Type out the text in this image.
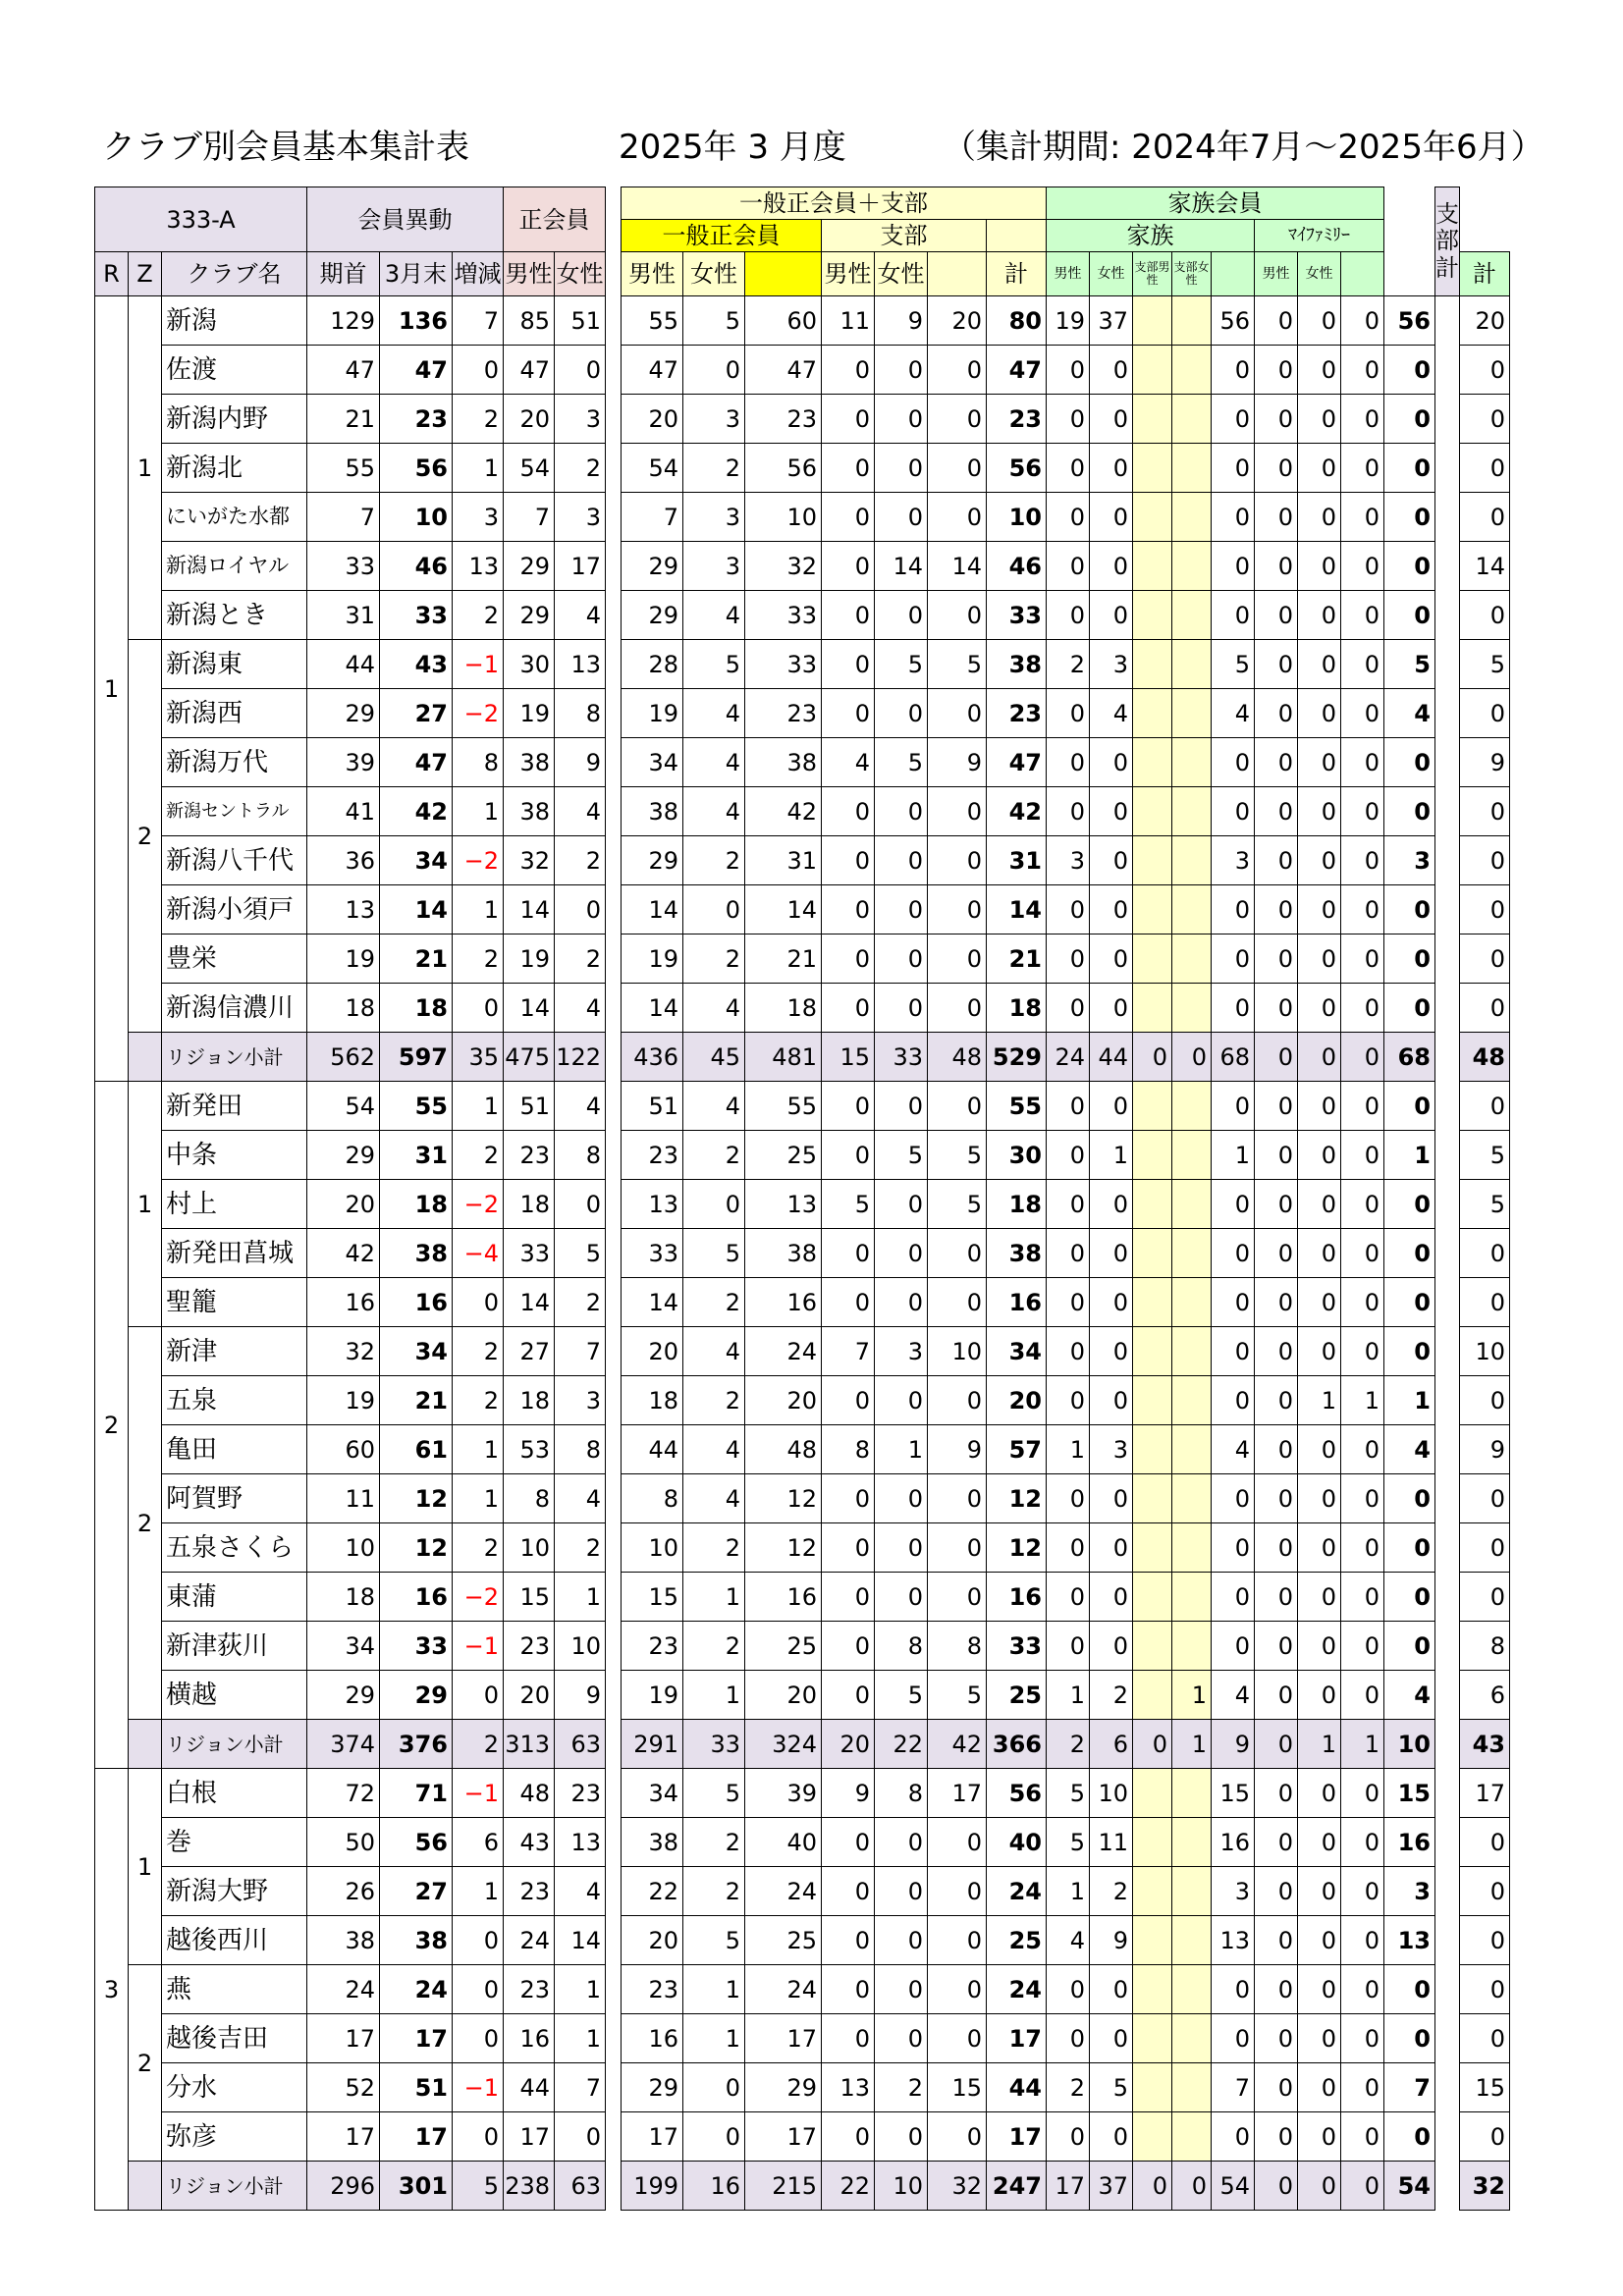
クラブ別会員基本集計表	2025年 3 月度	（集計期間: 2024年7月～2025年6月）
333-A			会員異動			正会員			一般正会員＋支部							家族会員									支部計	
									一般正会員			支部				家族					ﾏｲﾌｧﾐﾘｰ					
R	Z	クラブ名	期首	3月末	増減	男性	女性		男性	女性		男性	女性		計	男性	女性	支部男性	支部女性		男性	女性				計
1	1	新潟	129	136	7	85	51		55	5	60	11	9	20	80	19	37			56	0	0	0	56		20
		佐渡	47	47	0	47	0		47	0	47	0	0	0	47	0	0			0	0	0	0	0		0
		新潟内野	21	23	2	20	3		20	3	23	0	0	0	23	0	0			0	0	0	0	0		0
		新潟北	55	56	1	54	2		54	2	56	0	0	0	56	0	0			0	0	0	0	0		0
		にいがた水都	7	10	3	7	3		7	3	10	0	0	0	10	0	0			0	0	0	0	0		0
		新潟ロイヤル	33	46	13	29	17		29	3	32	0	14	14	46	0	0			0	0	0	0	0		14
		新潟とき	31	33	2	29	4		29	4	33	0	0	0	33	0	0			0	0	0	0	0		0
	2	新潟東	44	43	−1	30	13		28	5	33	0	5	5	38	2	3			5	0	0	0	5		5
		新潟西	29	27	−2	19	8		19	4	23	0	0	0	23	0	4			4	0	0	0	4		0
		新潟万代	39	47	8	38	9		34	4	38	4	5	9	47	0	0			0	0	0	0	0		9
		新潟セントラル	41	42	1	38	4		38	4	42	0	0	0	42	0	0			0	0	0	0	0		0
		新潟八千代	36	34	−2	32	2		29	2	31	0	0	0	31	3	0			3	0	0	0	3		0
		新潟小須戸	13	14	1	14	0		14	0	14	0	0	0	14	0	0			0	0	0	0	0		0
		豊栄	19	21	2	19	2		19	2	21	0	0	0	21	0	0			0	0	0	0	0		0
		新潟信濃川	18	18	0	14	4		14	4	18	0	0	0	18	0	0			0	0	0	0	0		0
		リジョン小計	562	597	35	475	122		436	45	481	15	33	48	529	24	44	0	0	68	0	0	0	68		48
2	1	新発田	54	55	1	51	4		51	4	55	0	0	0	55	0	0			0	0	0	0	0		0
		中条	29	31	2	23	8		23	2	25	0	5	5	30	0	1			1	0	0	0	1		5
		村上	20	18	−2	18	0		13	0	13	5	0	5	18	0	0			0	0	0	0	0		5
		新発田菖城	42	38	−4	33	5		33	5	38	0	0	0	38	0	0			0	0	0	0	0		0
		聖籠	16	16	0	14	2		14	2	16	0	0	0	16	0	0			0	0	0	0	0		0
	2	新津	32	34	2	27	7		20	4	24	7	3	10	34	0	0			0	0	0	0	0		10
		五泉	19	21	2	18	3		18	2	20	0	0	0	20	0	0			0	0	1	1	1		0
		亀田	60	61	1	53	8		44	4	48	8	1	9	57	1	3			4	0	0	0	4		9
		阿賀野	11	12	1	8	4		8	4	12	0	0	0	12	0	0			0	0	0	0	0		0
		五泉さくら	10	12	2	10	2		10	2	12	0	0	0	12	0	0			0	0	0	0	0		0
		東蒲	18	16	−2	15	1		15	1	16	0	0	0	16	0	0			0	0	0	0	0		0
		新津荻川	34	33	−1	23	10		23	2	25	0	8	8	33	0	0			0	0	0	0	0		8
		横越	29	29	0	20	9		19	1	20	0	5	5	25	1	2		1	4	0	0	0	4		6
		リジョン小計	374	376	2	313	63		291	33	324	20	22	42	366	2	6	0	1	9	0	1	1	10		43
3	1	白根	72	71	−1	48	23		34	5	39	9	8	17	56	5	10			15	0	0	0	15		17
		巻	50	56	6	43	13		38	2	40	0	0	0	40	5	11			16	0	0	0	16		0
		新潟大野	26	27	1	23	4		22	2	24	0	0	0	24	1	2			3	0	0	0	3		0
		越後西川	38	38	0	24	14		20	5	25	0	0	0	25	4	9			13	0	0	0	13		0
	2	燕	24	24	0	23	1		23	1	24	0	0	0	24	0	0			0	0	0	0	0		0
		越後吉田	17	17	0	16	1		16	1	17	0	0	0	17	0	0			0	0	0	0	0		0
		分水	52	51	−1	44	7		29	0	29	13	2	15	44	2	5			7	0	0	0	7		15
		弥彦	17	17	0	17	0		17	0	17	0	0	0	17	0	0			0	0	0	0	0		0
		リジョン小計	296	301	5	238	63		199	16	215	22	10	32	247	17	37	0	0	54	0	0	0	54		32
